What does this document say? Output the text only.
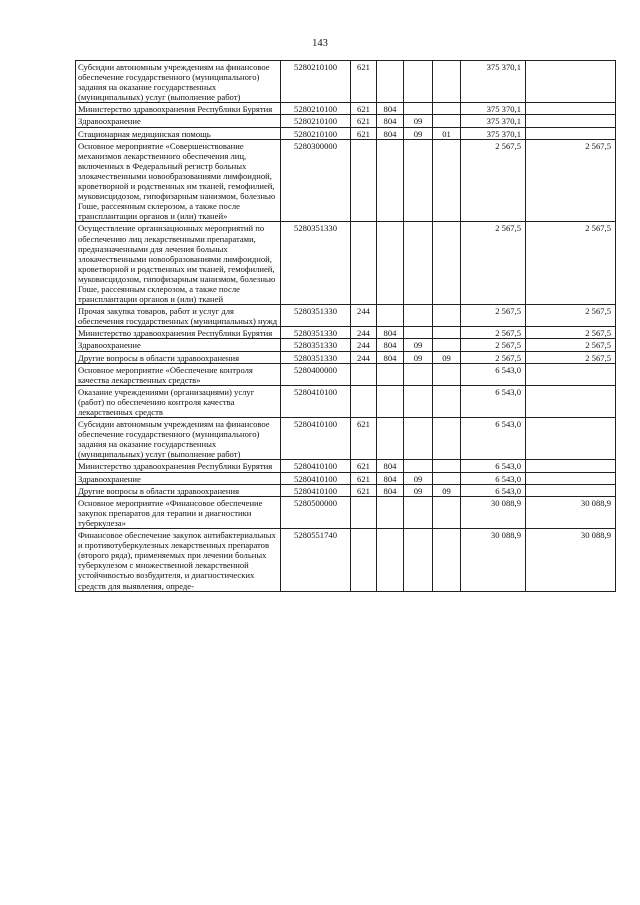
143
Субсидии автономным учреждениям на финансовое обеспечение государственного (муниципального) задания на оказание государственных (муниципальных) услуг (выполнение работ)	5280210100	621				375 370,1	
Министерство здравоохранения Республики Бурятия	5280210100	621	804			375 370,1	
Здравоохранение	5280210100	621	804	09		375 370,1	
Стационарная медицинская помощь	5280210100	621	804	09	01	375 370,1	
Основное мероприятие «Совершенствование механизмов лекарственного обеспечения лиц, включенных в Федеральный регистр больных злокачественными новообразованиями лимфоидной, кроветворной и родственных им тканей, гемофилией, муковисцидозом, гипофизарным нанизмом, болезнью Гоше, рассеянным склерозом, а также после трансплантации органов и (или) тканей»	5280300000					2 567,5	2 567,5
Осуществление организационных мероприятий по обеспечению лиц лекарственными препаратами, предназначенными для лечения больных злокачественными новообразованиями лимфоидной, кроветворной и родственных им тканей, гемофилией, муковисцидозом, гипофизарным нанизмом, болезнью Гоше, рассеянным склерозом, а также после трансплантации органов и (или) тканей	5280351330					2 567,5	2 567,5
Прочая закупка товаров, работ и услуг для обеспечения государственных (муниципальных) нужд	5280351330	244				2 567,5	2 567,5
Министерство здравоохранения Республики Бурятия	5280351330	244	804			2 567,5	2 567,5
Здравоохранение	5280351330	244	804	09		2 567,5	2 567,5
Другие вопросы в области здравоохранения	5280351330	244	804	09	09	2 567,5	2 567,5
Основное мероприятие «Обеспечение контроля качества лекарственных средств»	5280400000					6 543,0	
Оказание учреждениями (организациями) услуг (работ) по обеспечению контроля качества лекарственных средств	5280410100					6 543,0	
Субсидии автономным учреждениям на финансовое обеспечение государственного (муниципального) задания на оказание государственных (муниципальных) услуг (выполнение работ)	5280410100	621				6 543,0	
Министерство здравоохранения Республики Бурятия	5280410100	621	804			6 543,0	
Здравоохранение	5280410100	621	804	09		6 543,0	
Другие вопросы в области здравоохранения	5280410100	621	804	09	09	6 543,0	
Основное мероприятие «Финансовое обеспечение закупок препаратов для терапии и диагностики туберкулеза»	5280500000					30 088,9	30 088,9
Финансовое обеспечение закупок антибактериальных и противотуберкулезных лекарственных препаратов (второго ряда), применяемых при лечении больных туберкулезом с множественной лекарственной устойчивостью возбудителя, и диагностических средств для выявления, опреде-	5280551740					30 088,9	30 088,9
